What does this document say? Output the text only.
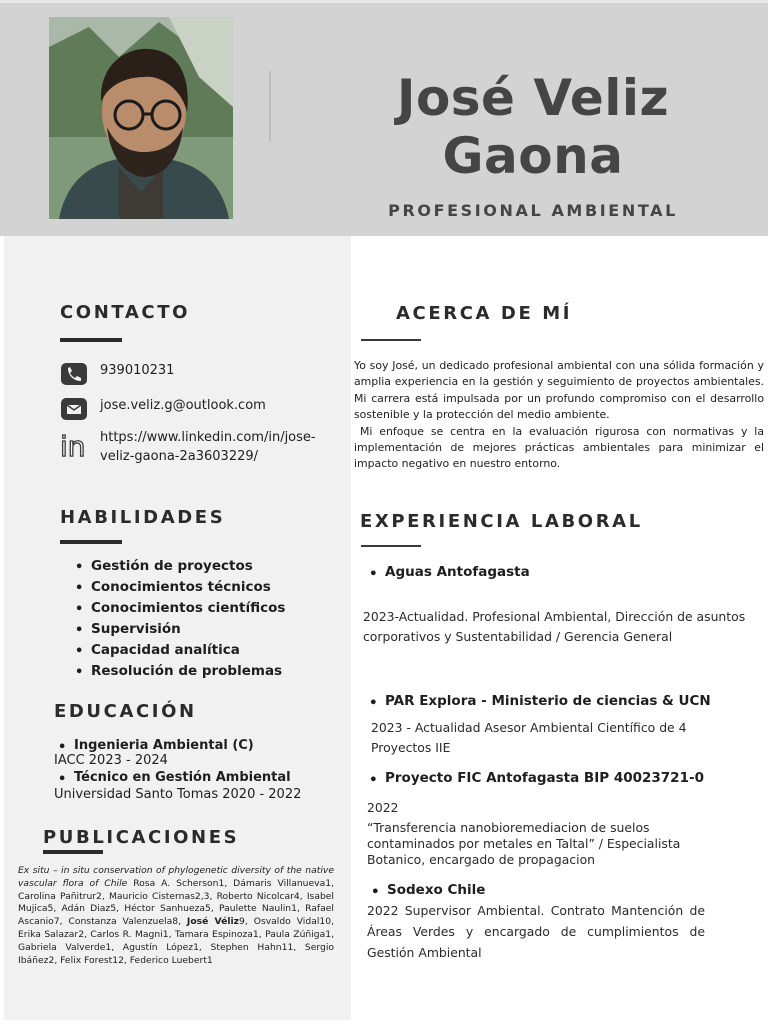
José Veliz
Gaona
PROFESIONAL AMBIENTAL
CONTACTO
939010231
jose.veliz.g@outlook.com
in https://www.linkedin.com/in/jose-
veliz-gaona-2a3603229/
HABILIDADES
• Gestión de proyectos
• Conocimientos técnicos
• Conocimientos científicos
• Supervisión
• Capacidad analítica
• Resolución de problemas
EDUCACIÓN
• Ingenieria Ambiental (C)
IACC 2023 - 2024
• Técnico en Gestión Ambiental
Universidad Santo Tomas 2020 - 2022
PUBLICACIONES
Ex situ – in situ conservation of phylogenetic diversity of the native vascular flora of Chile Rosa A. Scherson1, Dámaris Villanueva1, Carolina Pañitrur2, Mauricio Cisternas2,3, Roberto Nicolcar4, Isabel Mujica5, Adán Diaz5, Héctor Sanhueza5, Paulette Naulin1, Rafael Ascanio7, Constanza Valenzuela8, José Véliz9, Osvaldo Vidal10, Erika Salazar2, Carlos R. Magni1, Tamara Espinoza1, Paula Zúñiga1, Gabriela Valverde1, Agustín López1, Stephen Hahn11, Sergio Ibáñez2, Felix Forest12, Federico Luebert1
ACERCA DE MÍ

Yo soy José, un dedicado profesional ambiental con una sólida formación y amplia experiencia en la gestión y seguimiento de proyectos ambientales. Mi carrera está impulsada por un profundo compromiso con el desarrollo sostenible y la protección del medio ambiente.

Mi enfoque se centra en la evaluación rigurosa con normativas y la implementación de mejores prácticas ambientales para minimizar el impacto negativo en nuestro entorno.

EXPERIENCIA LABORAL
• Aguas Antofagasta
2023-Actualidad. Profesional Ambiental, Dirección de asuntos corporativos y Sustentabilidad / Gerencia General
• PAR Explora - Ministerio de ciencias & UCN
2023 - Actualidad Asesor Ambiental Científico de 4 Proyectos IIE
• Proyecto FIC Antofagasta BIP 40023721-0
2022
“Transferencia nanobioremediacion de suelos contaminados por metales en Taltal” / Especialista Botanico, encargado de propagacion
• Sodexo Chile
2022 Supervisor Ambiental. Contrato Mantención de Áreas Verdes y encargado de cumplimientos de Gestión Ambiental
